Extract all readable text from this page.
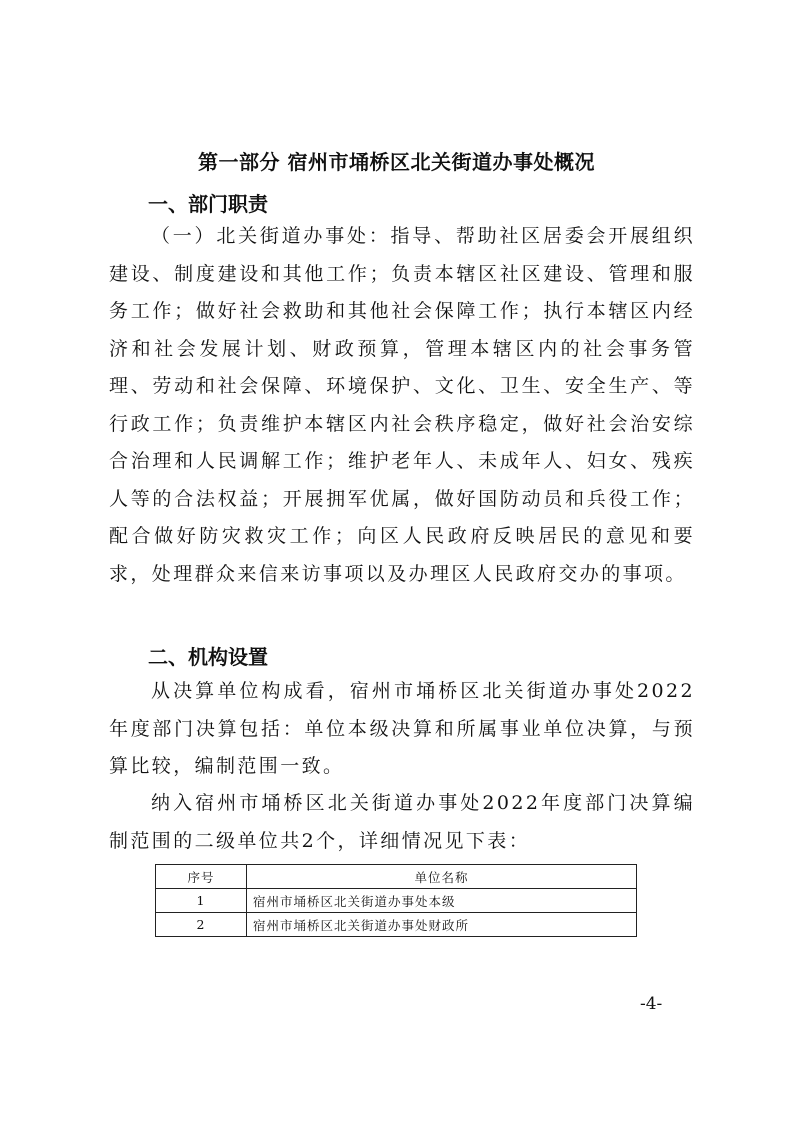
第一部分 宿州市埇桥区北关街道办事处概况
一、部门职责

（一）北关街道办事处：指导、帮助社区居委会开展组织建设、制度建设和其他工作；负责本辖区社区建设、管理和服务工作；做好社会救助和其他社会保障工作；执行本辖区内经济和社会发展计划、财政预算，管理本辖区内的社会事务管理、劳动和社会保障、环境保护、文化、卫生、安全生产、等行政工作；负责维护本辖区内社会秩序稳定，做好社会治安综合治理和人民调解工作；维护老年人、未成年人、妇女、残疾人等的合法权益；开展拥军优属，做好国防动员和兵役工作；配合做好防灾救灾工作；向区人民政府反映居民的意见和要求，处理群众来信来访事项以及办理区人民政府交办的事项。

二、机构设置

从决算单位构成看，宿州市埇桥区北关街道办事处2022年度部门决算包括：单位本级决算和所属事业单位决算，与预算比较，编制范围一致。

纳入宿州市埇桥区北关街道办事处2022年度部门决算编制范围的二级单位共2个，详细情况见下表：

序号	单位名称
1	宿州市埇桥区北关街道办事处本级
2	宿州市埇桥区北关街道办事处财政所
-4-
